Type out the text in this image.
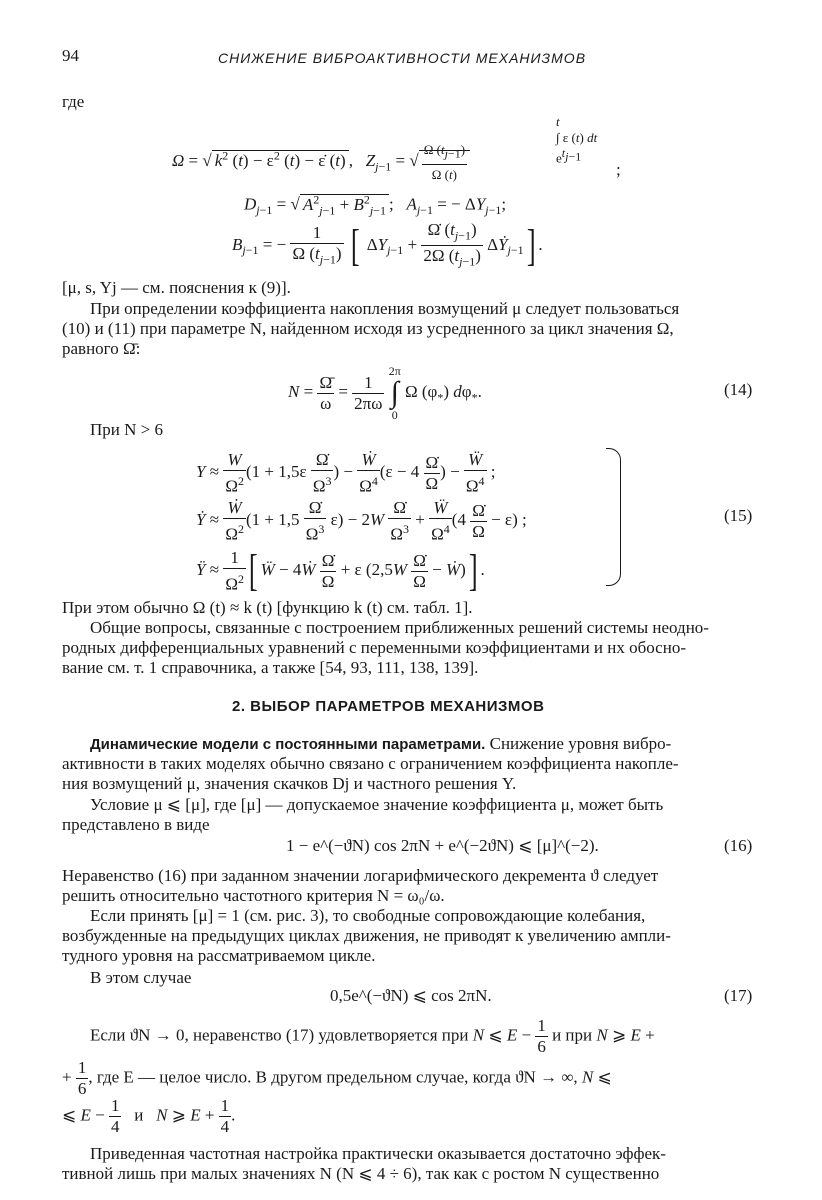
94	СНИЖЕНИЕ ВИБРОАКТИВНОСТИ МЕХАНИЗМОВ
где
Ω = √ $k^2$ $(t) - \varepsilon^2$ (t) − ε̇ (t) ,   $Z_{j-1}$ = √ $\frac{\Omega (t_{j-1})}{\Omega (t)}$
t
∫ ε (t) dt
$e^{t_{j-1}}$
;
$D_{j-1}$ = √ $A^2_{j-1} + B^2_{j-1}$ ;   $A_{j-1}$ = − $\Delta Y_{j-1}$;
$B_{j-1}$ = − $\frac{1}{\Omega (t_{j-1})}$ [ $\Delta Y_{j-1} + \frac{\Omegȧ (t_{j-1})}{2\Omega (t_{j-1})}$ ΔẎ$_{j-1}$] .
[μ, s, Yj — см. пояснения к (9)].
При определении коэффициента накопления возмущений μ следует пользоваться
(10) и (11) при параметре N, найденном исходя из усредненного за цикл значения Ω,
равного Ω̄:
$N = \frac{\Omegā}{\omega} = \frac{1}{2\pi\omega}$
2π
∫
0 Ω $(\varphi_*)$ $d\varphi_*$.	(14)
При N > 6
$Y \approx \frac{W}{\Omega^2} (1 + 1,5\varepsilon \frac{\Omegȧ}{\Omega^3}$ ) − $\frac{\text{Ẇ}}{\Omega^4} (\varepsilon - 4 \frac{\Omegȧ}{\Omega}$ ) − $\frac{\text{Ẅ}}{\Omega^4}$ ;
Ẏ ≈ $\frac{\text{Ẇ}}{\Omega^2} (1 + 1,5 \frac{\Omegȧ}{\Omega^3} \varepsilon) - 2W \frac{\Omegȧ}{\Omega^3} + \frac{\text{Ẅ}}{\Omega^4} (4 \frac{\Omegȧ}{\Omega} - \varepsilon)$ ;
Ÿ ≈ $\frac{1}{\Omega^2}$ [ Ẅ − 4Ẇ $\frac{\Omegȧ}{\Omega} + \varepsilon$ ($2,5W \frac{\Omegȧ}{\Omega}$ − Ẇ)] .
(15)
При этом обычно Ω (t) ≈ k (t) [функцию k (t) см. табл. 1].
Общие вопросы, связанные с построением приближенных решений системы неодно-
родных дифференциальных уравнений с переменными коэффициентами и нх обосно-
вание см. т. 1 справочника, а также [54, 93, 111, 138, 139].
2. ВЫБОР ПАРАМЕТРОВ МЕХАНИЗМОВ
Динамические модели с постоянными параметрами. Снижение уровня вибро-
активности в таких моделях обычно связано с ограничением коэффициента накопле-
ния возмущений μ, значения скачков Dj и частного решения Y.
Условие μ ⩽ [μ], где [μ] — допускаемое значение коэффициента μ, может быть
представлено в виде
1 − e^(−ϑN) cos 2πN + e^(−2ϑN) ⩽ [μ]^(−2).	(16)
Неравенство (16) при заданном значении логарифмического декремента ϑ следует
решить относительно частотного критерия N = ω₀/ω.
Если принять [μ] = 1 (см. рис. 3), то свободные сопровождающие колебания,
возбужденные на предыдущих циклах движения, не приводят к увеличению ампли-
тудного уровня на рассматриваемом цикле.
В этом случае
0,5e^(−ϑN) ⩽ cos 2πN.	(17)
Если ϑN → 0, неравенство (17) удовлетворяется при N ⩽ $E - \frac{1}{6}$ и при N ⩾ E +
+ $\frac{1}{6}$ , где E — целое число. В другом предельном случае, когда ϑN → ∞, N ⩽
⩽ $E - \frac{1}{4}$ и N ⩾ $E + \frac{1}{4}$ .
Приведенная частотная настройка практически оказывается достаточно эффек-
тивной лишь при малых значениях N (N ⩽ 4 ÷ 6), так как с ростом N существенно
